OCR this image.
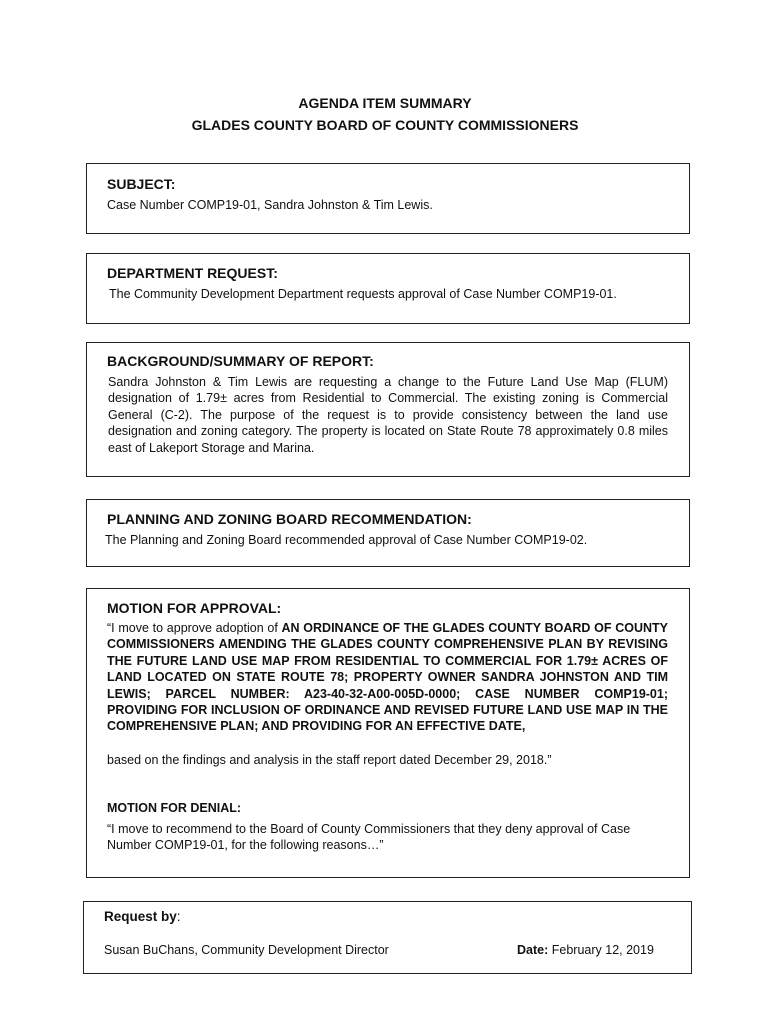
AGENDA ITEM SUMMARY
GLADES COUNTY BOARD OF COUNTY COMMISSIONERS
SUBJECT:
Case Number COMP19-01, Sandra Johnston & Tim Lewis.
DEPARTMENT REQUEST:
The Community Development Department requests approval of Case Number COMP19-01.
BACKGROUND/SUMMARY OF REPORT:
Sandra Johnston & Tim Lewis are requesting a change to the Future Land Use Map (FLUM) designation of 1.79± acres from Residential to Commercial. The existing zoning is Commercial General (C-2). The purpose of the request is to provide consistency between the land use designation and zoning category. The property is located on State Route 78 approximately 0.8 miles east of Lakeport Storage and Marina.
PLANNING AND ZONING BOARD RECOMMENDATION:
The Planning and Zoning Board recommended approval of Case Number COMP19-02.
MOTION FOR APPROVAL:
“I move to approve adoption of AN ORDINANCE OF THE GLADES COUNTY BOARD OF COUNTY COMMISSIONERS AMENDING THE GLADES COUNTY COMPREHENSIVE PLAN BY REVISING THE FUTURE LAND USE MAP FROM RESIDENTIAL TO COMMERCIAL FOR 1.79± ACRES OF LAND LOCATED ON STATE ROUTE 78; PROPERTY OWNER SANDRA JOHNSTON AND TIM LEWIS; PARCEL NUMBER: A23-40-32-A00-005D-0000; CASE NUMBER COMP19-01; PROVIDING FOR INCLUSION OF ORDINANCE AND REVISED FUTURE LAND USE MAP IN THE COMPREHENSIVE PLAN; AND PROVIDING FOR AN EFFECTIVE DATE,
based on the findings and analysis in the staff report dated December 29, 2018.”
MOTION FOR DENIAL:
“I move to recommend to the Board of County Commissioners that they deny approval of Case Number COMP19-01, for the following reasons…”
Request by:
Susan BuChans, Community Development Director	Date: February 12, 2019
